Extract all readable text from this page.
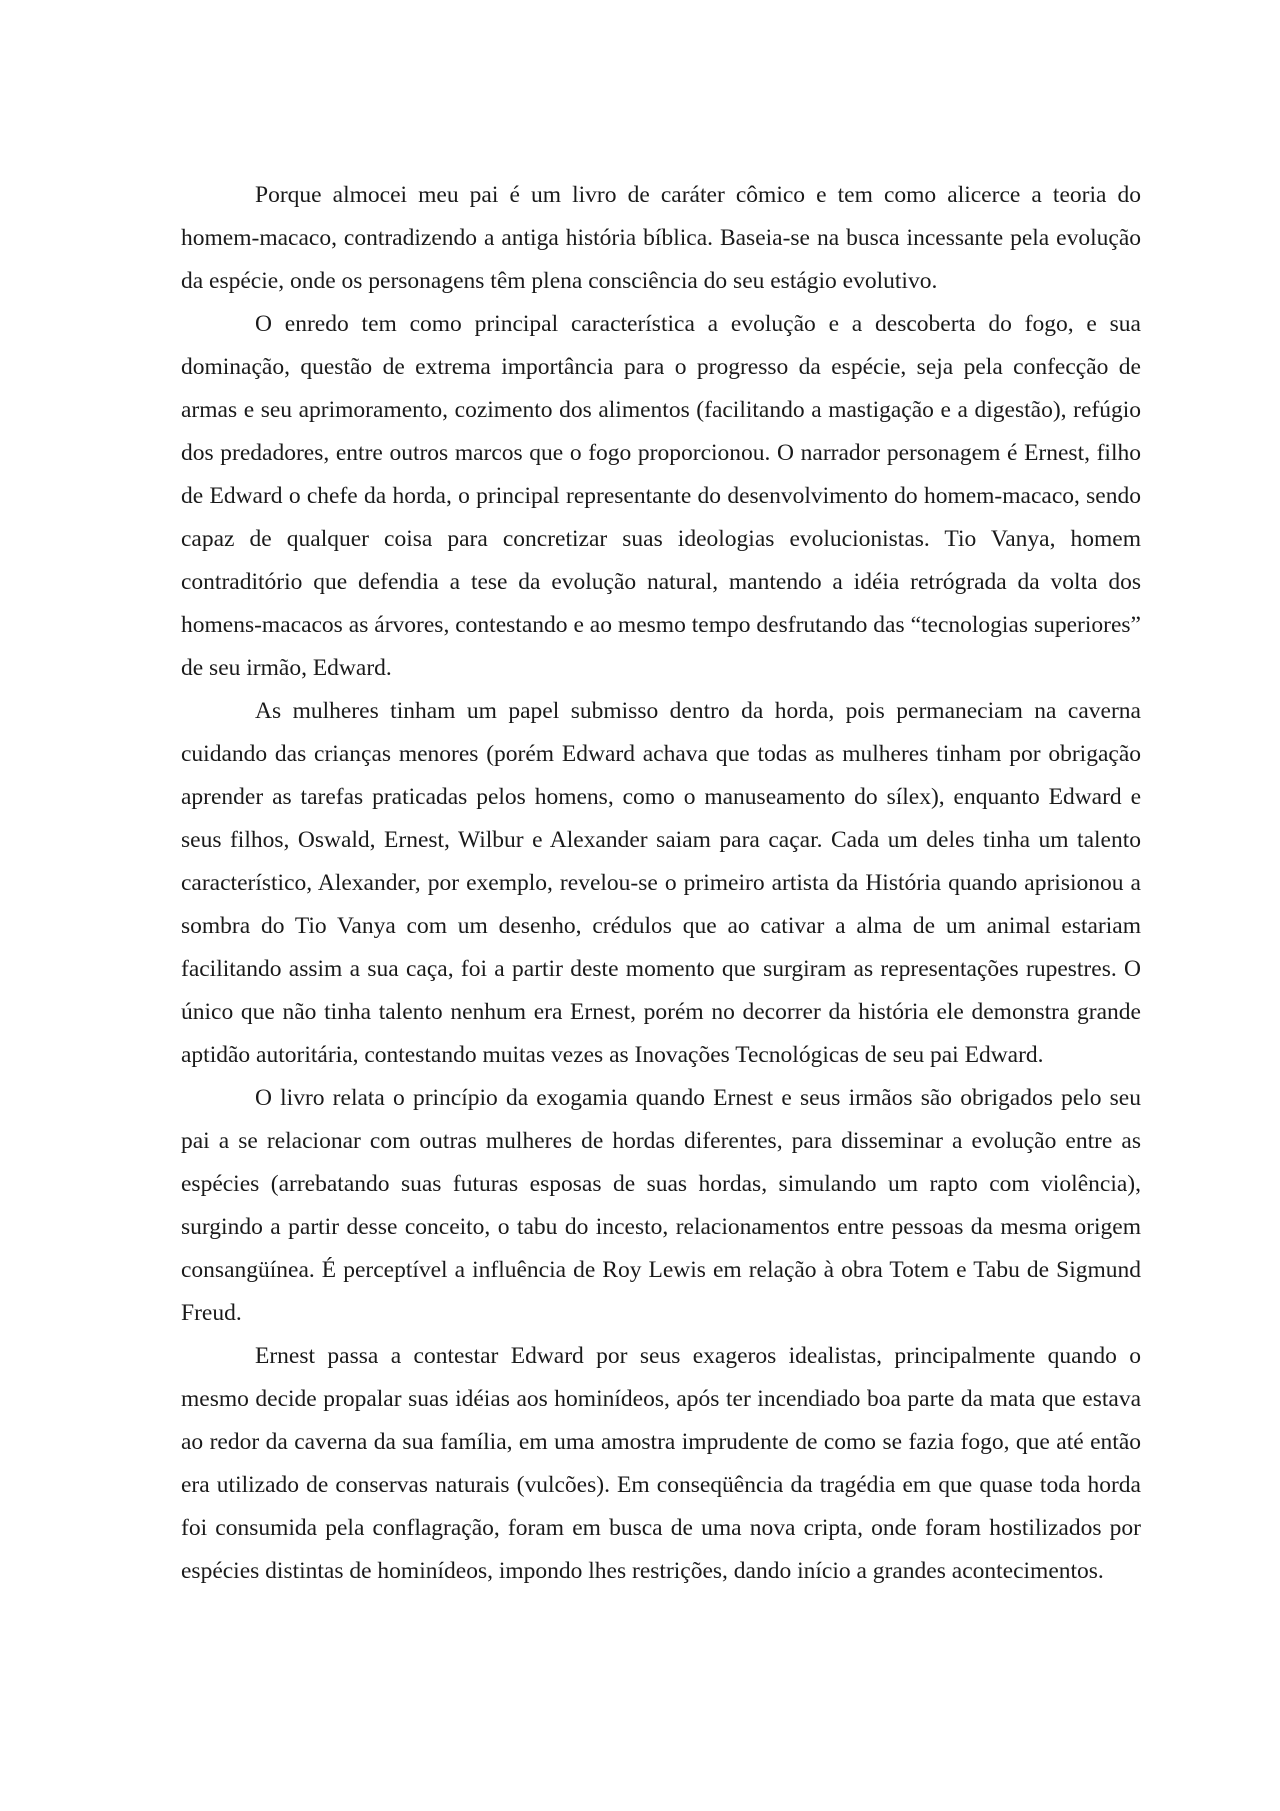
Porque almocei meu pai é um livro de caráter cômico e tem como alicerce a teoria do homem-macaco, contradizendo a antiga história bíblica. Baseia-se na busca incessante pela evolução da espécie, onde os personagens têm plena consciência do seu estágio evolutivo.

O enredo tem como principal característica a evolução e a descoberta do fogo, e sua dominação, questão de extrema importância para o progresso da espécie, seja pela confecção de armas e seu aprimoramento, cozimento dos alimentos (facilitando a mastigação e a digestão), refúgio dos predadores, entre outros marcos que o fogo proporcionou. O narrador personagem é Ernest, filho de Edward o chefe da horda, o principal representante do desenvolvimento do homem-macaco, sendo capaz de qualquer coisa para concretizar suas ideologias evolucionistas. Tio Vanya, homem contraditório que defendia a tese da evolução natural, mantendo a idéia retrógrada da volta dos homens-macacos as árvores, contestando e ao mesmo tempo desfrutando das “tecnologias superiores” de seu irmão, Edward.

As mulheres tinham um papel submisso dentro da horda, pois permaneciam na caverna cuidando das crianças menores (porém Edward achava que todas as mulheres tinham por obrigação aprender as tarefas praticadas pelos homens, como o manuseamento do sílex), enquanto Edward e seus filhos, Oswald, Ernest, Wilbur e Alexander saiam para caçar. Cada um deles tinha um talento característico, Alexander, por exemplo, revelou-se o primeiro artista da História quando aprisionou a sombra do Tio Vanya com um desenho, crédulos que ao cativar a alma de um animal estariam facilitando assim a sua caça, foi a partir deste momento que surgiram as representações rupestres. O único que não tinha talento nenhum era Ernest, porém no decorrer da história ele demonstra grande aptidão autoritária, contestando muitas vezes as Inovações Tecnológicas de seu pai Edward.

O livro relata o princípio da exogamia quando Ernest e seus irmãos são obrigados pelo seu pai a se relacionar com outras mulheres de hordas diferentes, para disseminar a evolução entre as espécies (arrebatando suas futuras esposas de suas hordas, simulando um rapto com violência), surgindo a partir desse conceito, o tabu do incesto, relacionamentos entre pessoas da mesma origem consangüínea. É perceptível a influência de Roy Lewis em relação à obra Totem e Tabu de Sigmund Freud.

Ernest passa a contestar Edward por seus exageros idealistas, principalmente quando o mesmo decide propalar suas idéias aos hominídeos, após ter incendiado boa parte da mata que estava ao redor da caverna da sua família, em uma amostra imprudente de como se fazia fogo, que até então era utilizado de conservas naturais (vulcões). Em conseqüência da tragédia em que quase toda horda foi consumida pela conflagração, foram em busca de uma nova cripta, onde foram hostilizados por espécies distintas de hominídeos, impondo lhes restrições, dando início a grandes acontecimentos.
